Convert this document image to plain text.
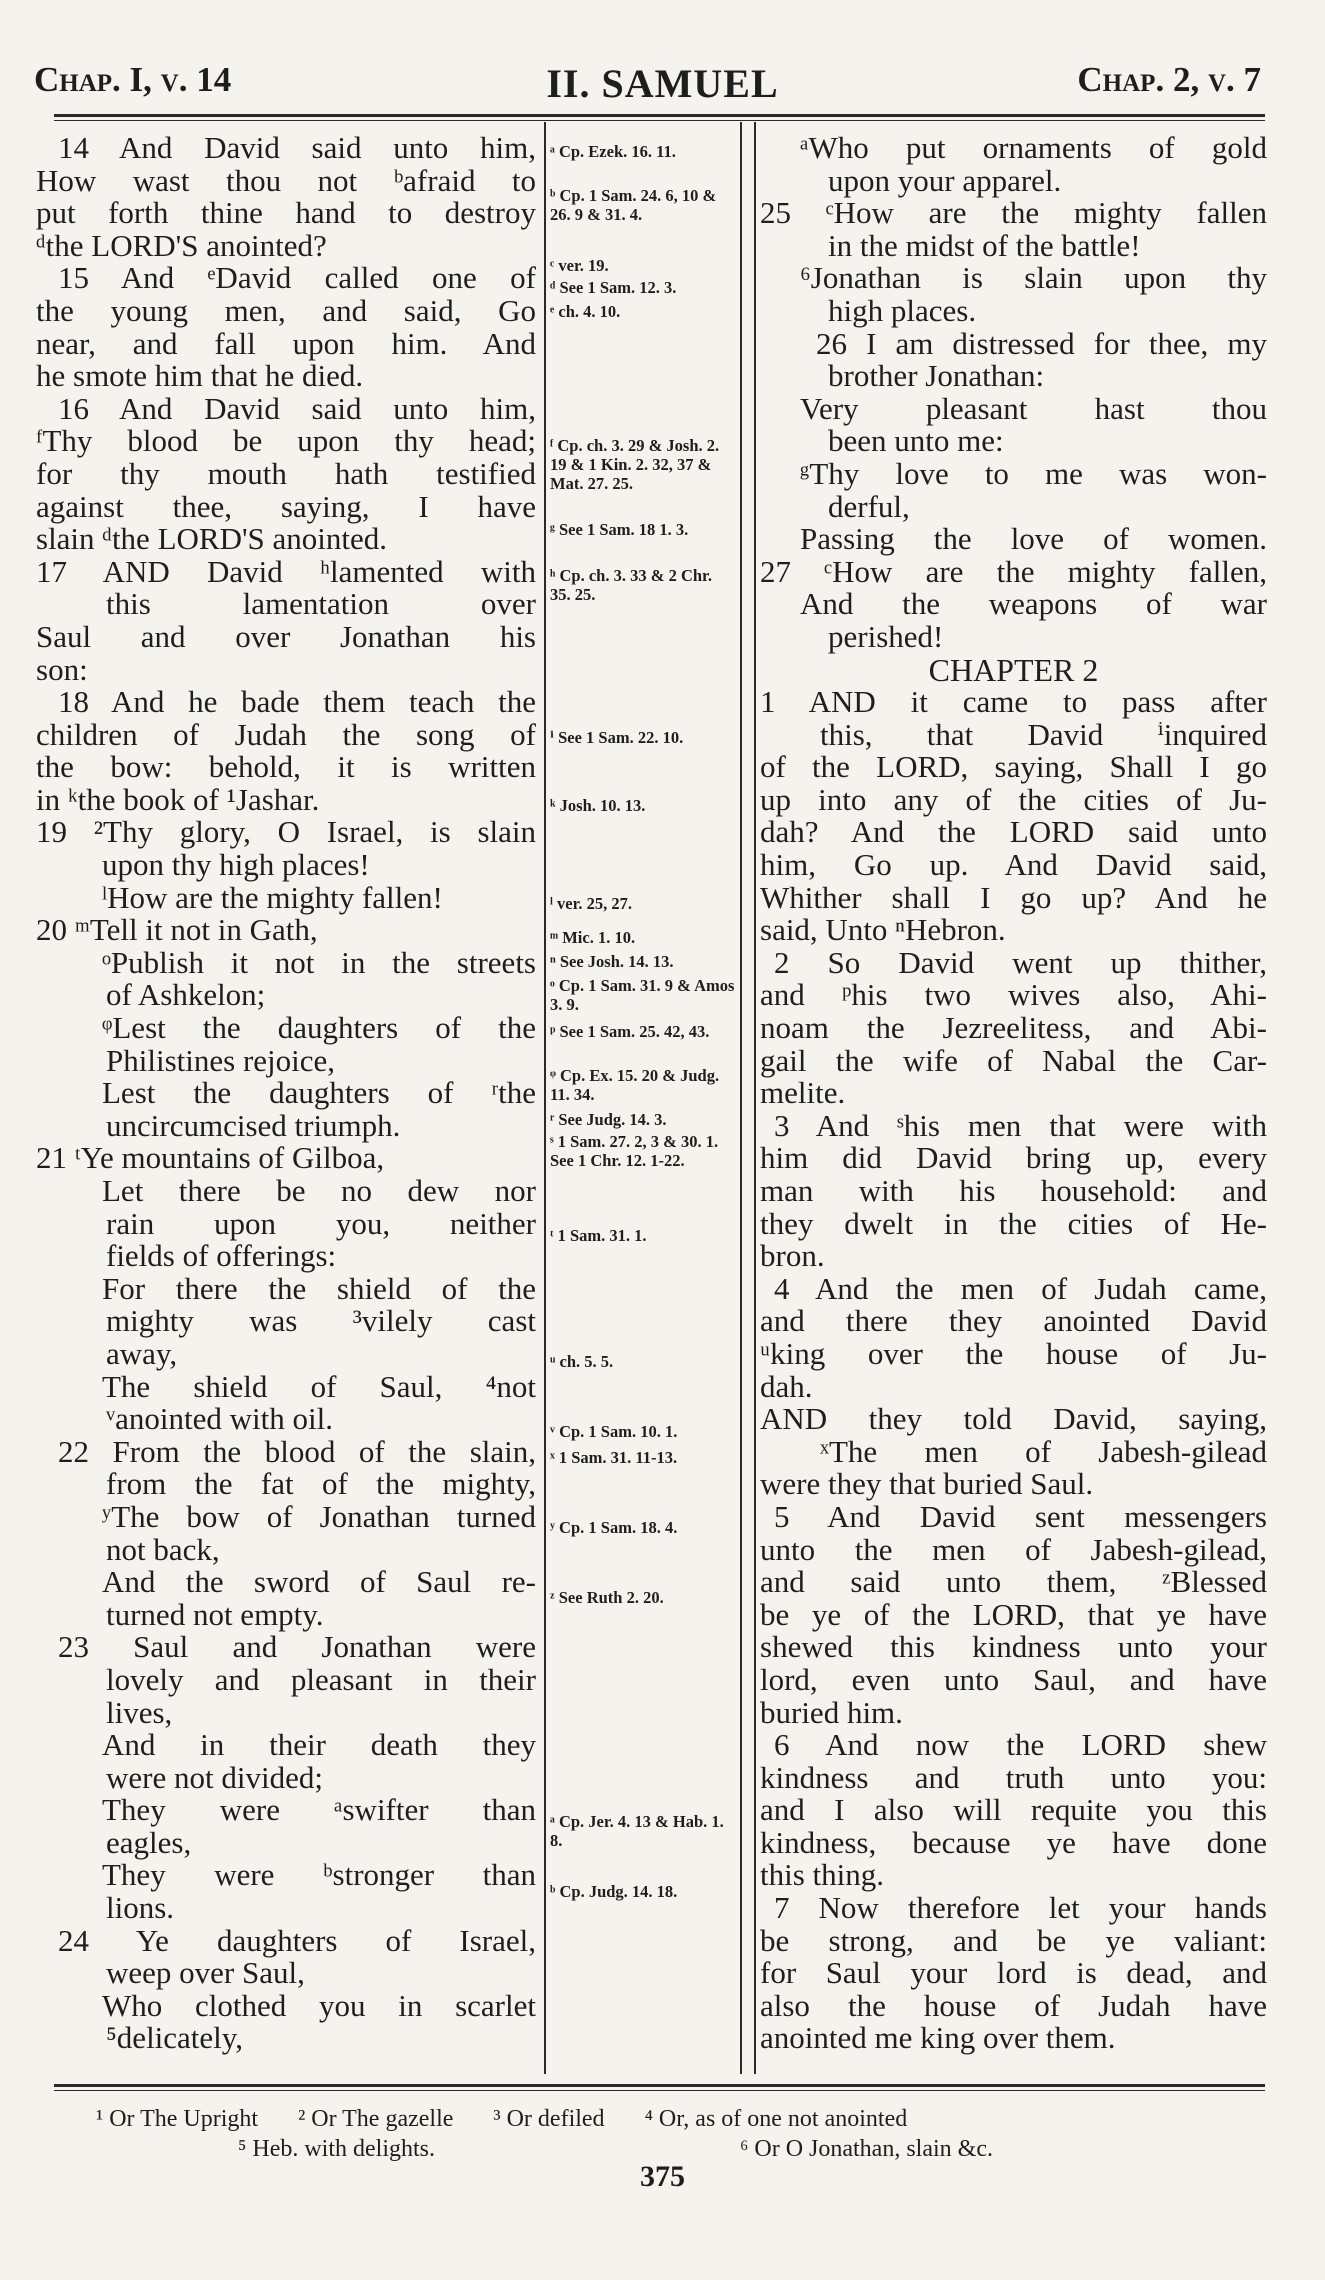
Chap. I, v. 14	II. SAMUEL	Chap. 2, v. 7

14 And David said unto him,

How wast thou not ᵇafraid to

put forth thine hand to destroy

ᵈthe LORD'S anointed?

15 And ᵉDavid called one of

the young men, and said, Go

near, and fall upon him. And

he smote him that he died.

16 And David said unto him,

ᶠThy blood be upon thy head;

for thy mouth hath testified

against thee, saying, I have

slain ᵈthe LORD'S anointed.

17 AND David ʰlamented with

this lamentation over

Saul and over Jonathan his

son:

18 And he bade them teach the

children of Judah the song of

the bow: behold, it is written

in ᵏthe book of ¹Jashar.

19 ²Thy glory, O Israel, is slain

upon thy high places!

ˡHow are the mighty fallen!

20 ᵐTell it not in Gath,

ᵒPublish it not in the streets

of Ashkelon;

ᵠLest the daughters of the

Philistines rejoice,

Lest the daughters of ʳthe

uncircumcised triumph.

21 ᵗYe mountains of Gilboa,

Let there be no dew nor

rain upon you, neither

fields of offerings:

For there the shield of the

mighty was ³vilely cast

away,

The shield of Saul, ⁴not

ᵛanointed with oil.

22 From the blood of the slain,

from the fat of the mighty,

ʸThe bow of Jonathan turned

not back,

And the sword of Saul re-

turned not empty.

23 Saul and Jonathan were

lovely and pleasant in their

lives,

And in their death they

were not divided;

They were ᵃswifter than

eagles,

They were ᵇstronger than

lions.

24 Ye daughters of Israel,

weep over Saul,

Who clothed you in scarlet

⁵delicately,

ᵃ Cp. Ezek. 16. 11.
ᵇ Cp. 1 Sam. 24. 6, 10 & 26. 9 & 31. 4.
ᶜ ver. 19.
ᵈ See 1 Sam. 12. 3.
ᵉ ch. 4. 10.
ᶠ Cp. ch. 3. 29 & Josh. 2. 19 & 1 Kin. 2. 32, 37 & Mat. 27. 25.
ᵍ See 1 Sam. 18 1. 3.
ʰ Cp. ch. 3. 33 & 2 Chr. 35. 25.
ⁱ See 1 Sam. 22. 10.
ᵏ Josh. 10. 13.
ˡ ver. 25, 27.
ᵐ Mic. 1. 10.
ⁿ See Josh. 14. 13.
ᵒ Cp. 1 Sam. 31. 9 & Amos 3. 9.
ᵖ See 1 Sam. 25. 42, 43.
ᵠ Cp. Ex. 15. 20 & Judg. 11. 34.
ʳ See Judg. 14. 3.
ˢ 1 Sam. 27. 2, 3 & 30. 1. See 1 Chr. 12. 1-22.
ᵗ 1 Sam. 31. 1.
ᵘ ch. 5. 5.
ᵛ Cp. 1 Sam. 10. 1.
ˣ 1 Sam. 31. 11-13.
ʸ Cp. 1 Sam. 18. 4.
ᶻ See Ruth 2. 20.
ᵃ Cp. Jer. 4. 13 & Hab. 1. 8.
ᵇ Cp. Judg. 14. 18.

ᵃWho put ornaments of gold

upon your apparel.

25 ᶜHow are the mighty fallen

in the midst of the battle!

⁶Jonathan is slain upon thy

high places.

26 I am distressed for thee, my

brother Jonathan:

Very pleasant hast thou

been unto me:

ᵍThy love to me was won-

derful,

Passing the love of women.

27 ᶜHow are the mighty fallen,

And the weapons of war

perished!

CHAPTER 2

1 AND it came to pass after

this, that David ⁱinquired

of the LORD, saying, Shall I go

up into any of the cities of Ju-

dah? And the LORD said unto

him, Go up. And David said,

Whither shall I go up? And he

said, Unto ⁿHebron.

2 So David went up thither,

and ᵖhis two wives also, Ahi-

noam the Jezreelitess, and Abi-

gail the wife of Nabal the Car-

melite.

3 And ˢhis men that were with

him did David bring up, every

man with his household: and

they dwelt in the cities of He-

bron.

4 And the men of Judah came,

and there they anointed David

ᵘking over the house of Ju-

dah.

AND they told David, saying,

ˣThe men of Jabesh-gilead

were they that buried Saul.

5 And David sent messengers

unto the men of Jabesh-gilead,

and said unto them, ᶻBlessed

be ye of the LORD, that ye have

shewed this kindness unto your

lord, even unto Saul, and have

buried him.

6 And now the LORD shew

kindness and truth unto you:

and I also will requite you this

kindness, because ye have done

this thing.

7 Now therefore let your hands

be strong, and be ye valiant:

for Saul your lord is dead, and

also the house of Judah have

anointed me king over them.

¹ Or The Upright ² Or The gazelle ³ Or defiled ⁴ Or, as of one not anointed
⁵ Heb. with delights.	⁶ Or O Jonathan, slain &c.
375
